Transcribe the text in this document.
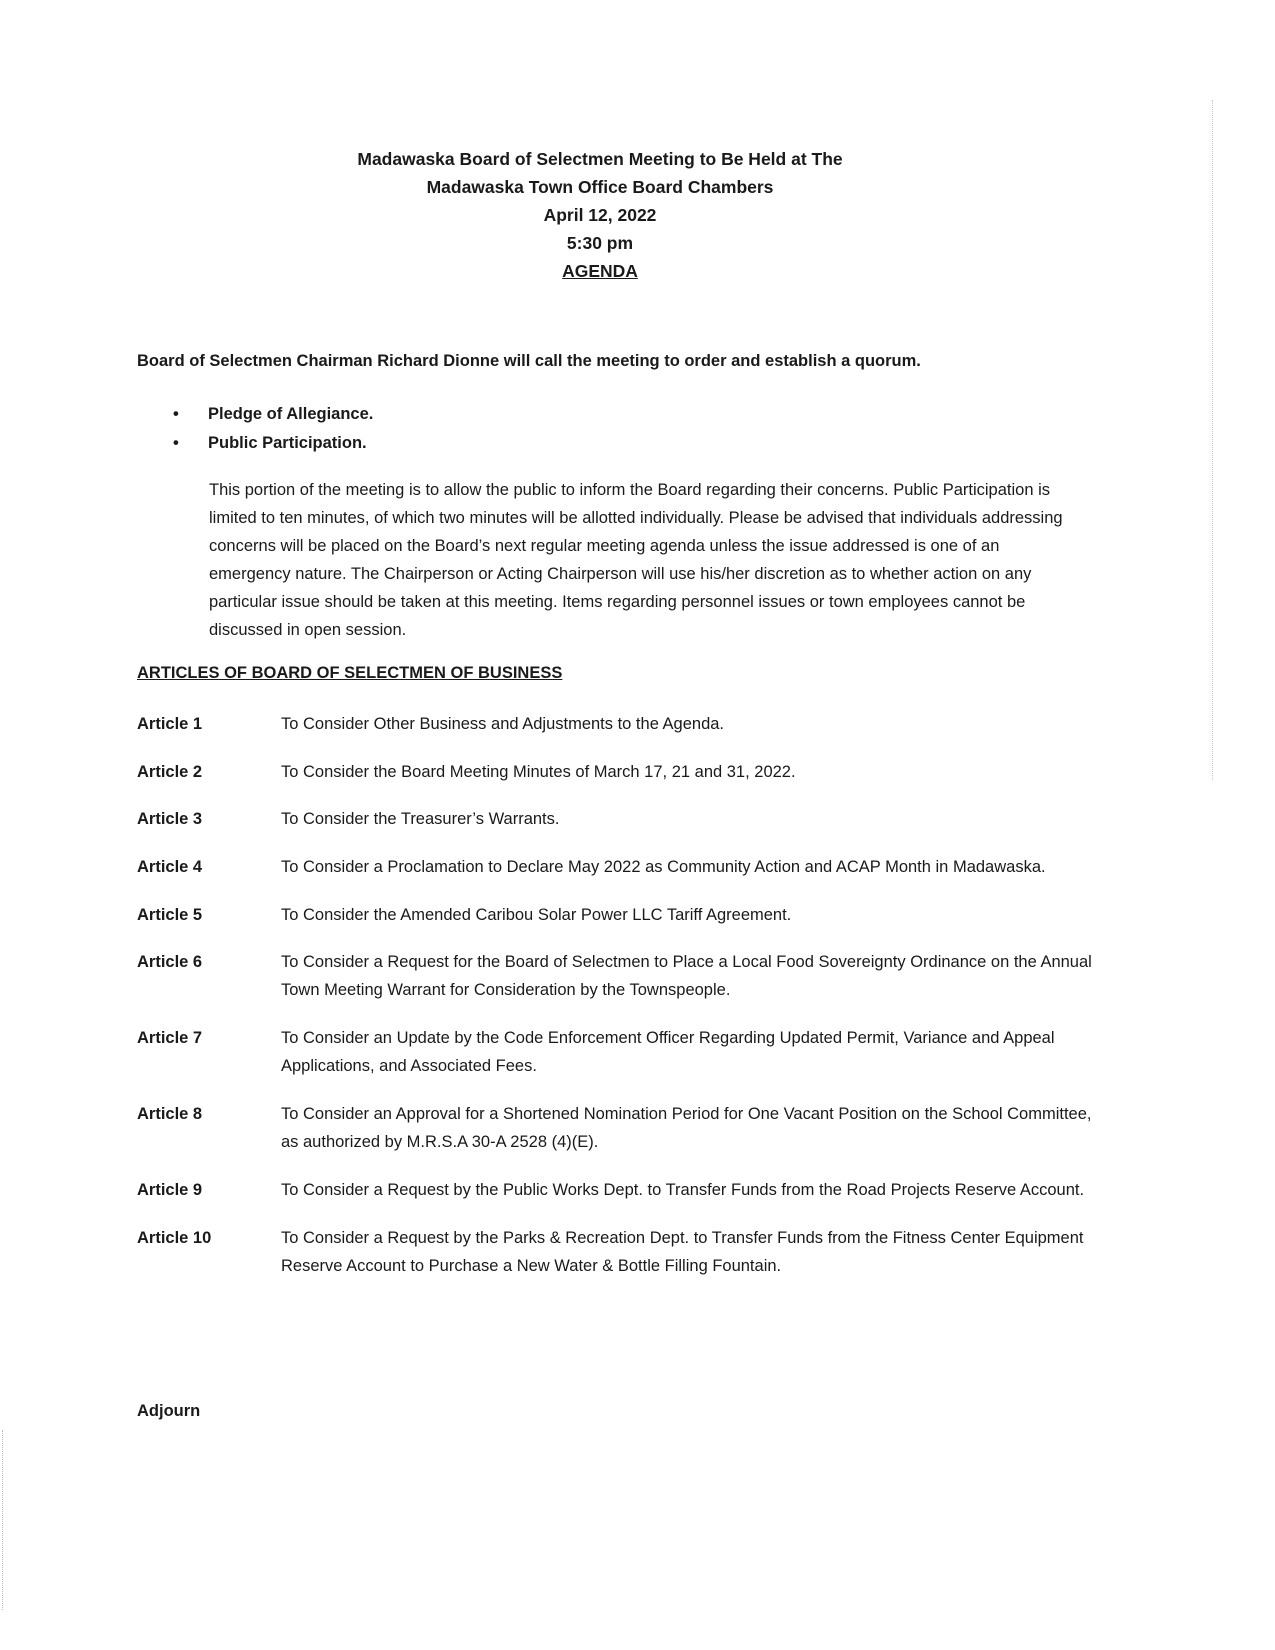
Madawaska Board of Selectmen Meeting to Be Held at The
Madawaska Town Office Board Chambers
April 12, 2022
5:30 pm
AGENDA
Board of Selectmen Chairman Richard Dionne will call the meeting to order and establish a quorum.
•	Pledge of Allegiance.
•	Public Participation.
This portion of the meeting is to allow the public to inform the Board regarding their concerns. Public Participation is limited to ten minutes, of which two minutes will be allotted individually. Please be advised that individuals addressing concerns will be placed on the Board’s next regular meeting agenda unless the issue addressed is one of an emergency nature. The Chairperson or Acting Chairperson will use his/her discretion as to whether action on any particular issue should be taken at this meeting. Items regarding personnel issues or town employees cannot be discussed in open session.
ARTICLES OF BOARD OF SELECTMEN OF BUSINESS
Article 1	To Consider Other Business and Adjustments to the Agenda.
Article 2	To Consider the Board Meeting Minutes of March 17, 21 and 31, 2022.
Article 3	To Consider the Treasurer’s Warrants.
Article 4	To Consider a Proclamation to Declare May 2022 as Community Action and ACAP Month in Madawaska.
Article 5	To Consider the Amended Caribou Solar Power LLC Tariff Agreement.
Article 6	To Consider a Request for the Board of Selectmen to Place a Local Food Sovereignty Ordinance on the Annual Town Meeting Warrant for Consideration by the Townspeople.
Article 7	To Consider an Update by the Code Enforcement Officer Regarding Updated Permit, Variance and Appeal Applications, and Associated Fees.
Article 8	To Consider an Approval for a Shortened Nomination Period for One Vacant Position on the School Committee, as authorized by M.R.S.A 30-A 2528 (4)(E).
Article 9	To Consider a Request by the Public Works Dept. to Transfer Funds from the Road Projects Reserve Account.
Article 10	To Consider a Request by the Parks & Recreation Dept. to Transfer Funds from the Fitness Center Equipment Reserve Account to Purchase a New Water & Bottle Filling Fountain.
Adjourn
